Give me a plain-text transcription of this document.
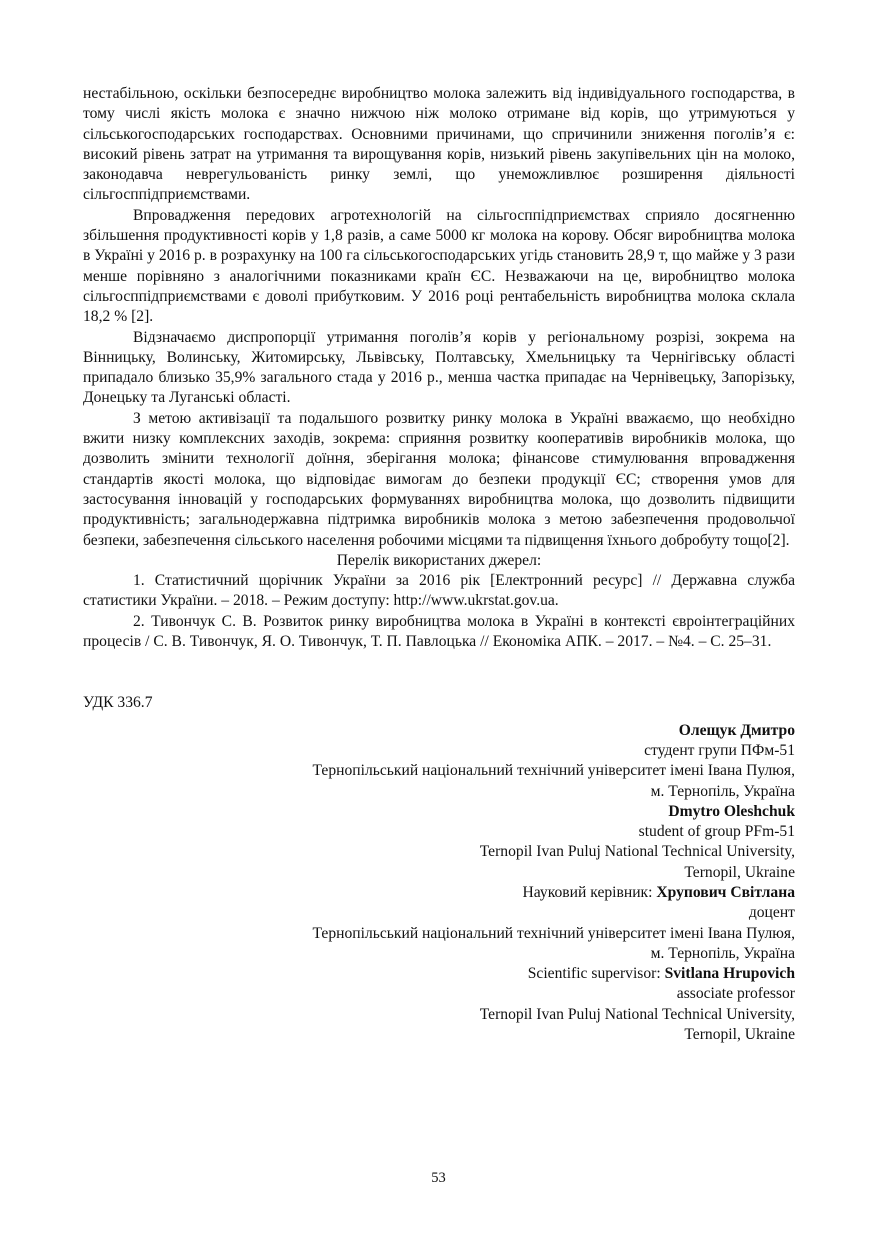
нестабільною, оскільки безпосереднє виробництво молока залежить від індивідуального господарства, в тому числі якість молока є значно нижчою ніж молоко отримане від корів, що утримуються у сільськогосподарських господарствах. Основними причинами, що спричинили зниження поголів’я є: високий рівень затрат на утримання та вирощування корів, низький рівень закупівельних цін на молоко, законодавча неврегульованість ринку землі, що унеможливлює розширення діяльності сільгосппідприємствами.

Впровадження передових агротехнологій на сільгосппідприємствах сприяло досягненню збільшення продуктивності корів у 1,8 разів, а саме 5000 кг молока на корову. Обсяг виробництва молока в Україні у 2016 р. в розрахунку на 100 га сільськогосподарських угідь становить 28,9 т, що майже у 3 рази менше порівняно з аналогічними показниками країн ЄС. Незважаючи на це, виробництво молока сільгосппідприємствами є доволі прибутковим. У 2016 році рентабельність виробництва молока склала 18,2 % [2].

Відзначаємо диспропорції утримання поголів’я корів у регіональному розрізі, зокрема на Вінницьку, Волинську, Житомирську, Львівську, Полтавську, Хмельницьку та Чернігівську області припадало близько 35,9% загального стада у 2016 р., менша частка припадає на Чернівецьку, Запорізьку, Донецьку та Луганські області.

З метою активізації та подальшого розвитку ринку молока в Україні вважаємо, що необхідно вжити низку комплексних заходів, зокрема: сприяння розвитку кооперативів виробників молока, що дозволить змінити технології доїння, зберігання молока; фінансове стимулювання впровадження стандартів якості молока, що відповідає вимогам до безпеки продукції ЄС; створення умов для застосування інновацій у господарських формуваннях виробництва молока, що дозволить підвищити продуктивність; загальнодержавна підтримка виробників молока з метою забезпечення продовольчої безпеки, забезпечення сільського населення робочими місцями та підвищення їхнього добробуту тощо[2].

Перелік використаних джерел:

1. Статистичний щорічник України за 2016 рік [Електронний ресурс] // Державна служба статистики України. – 2018. – Режим доступу: http://www.ukrstat.gov.ua.

2. Тивончук С. В. Розвиток ринку виробництва молока в Україні в контексті євроінтеграційних процесів / С. В. Тивончук, Я. О. Тивончук, Т. П. Павлоцька // Економіка АПК. – 2017. – №4. – С. 25–31.

УДК 336.7

Олещук Дмитро
студент групи ПФм-51
Тернопільський національний технічний університет імені Івана Пулюя,
м. Тернопіль, Україна
Dmytro Oleshchuk
student of group PFm-51
Ternopil Ivan Puluj National Technical University,
Ternopil, Ukraine
Науковий керівник: Хрупович Світлана
доцент
Тернопільський національний технічний університет імені Івана Пулюя,
м. Тернопіль, Україна
Scientific supervisor: Svitlana Hrupovich
associate professor
Ternopil Ivan Puluj National Technical University,
Ternopil, Ukraine
53
